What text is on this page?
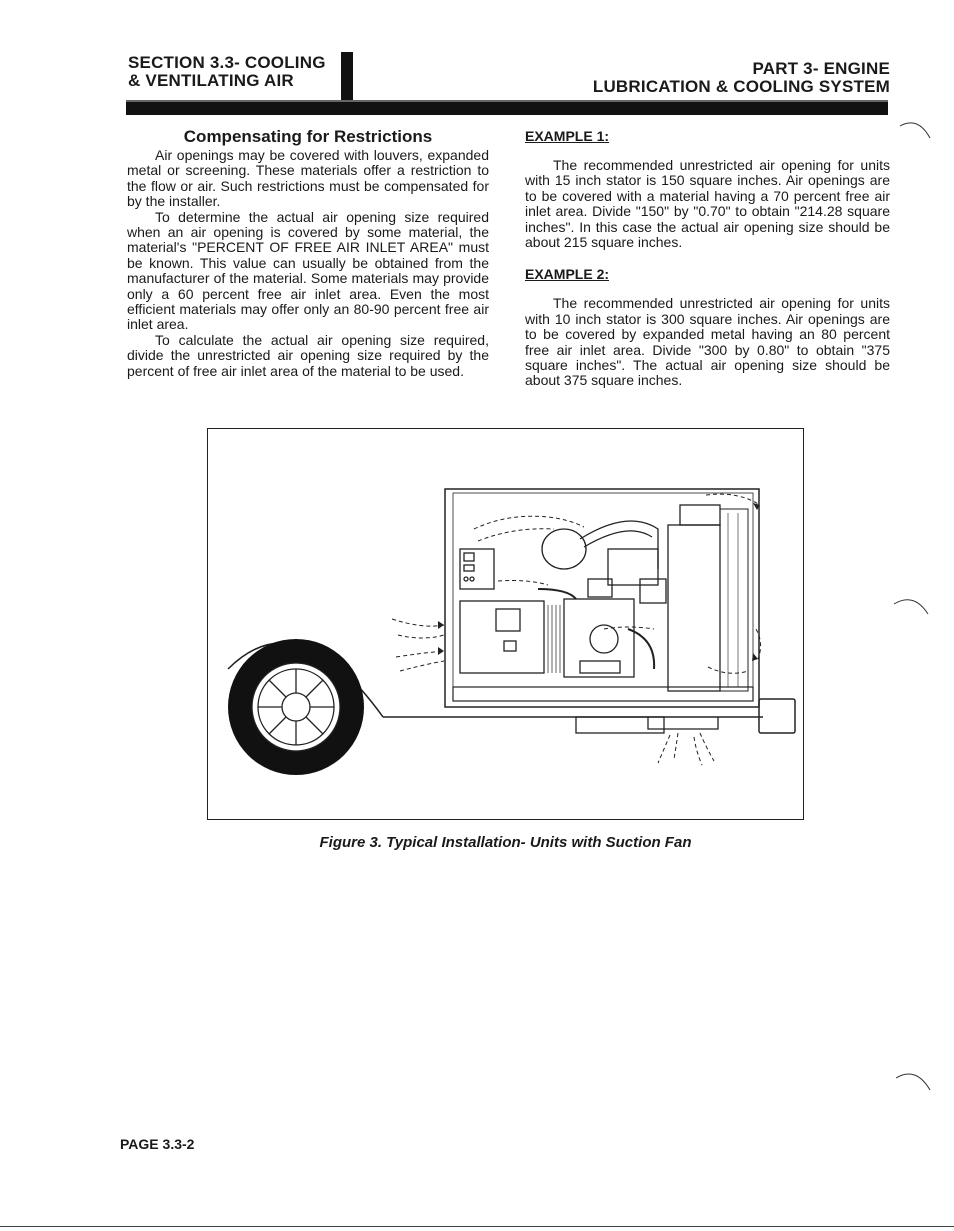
SECTION 3.3- COOLING
& VENTILATING AIR
PART 3- ENGINE
LUBRICATION & COOLING SYSTEM
Compensating for Restrictions

Air openings may be covered with louvers, expanded metal or screening. These materials offer a restriction to the flow or air. Such restrictions must be compensated for by the installer.

To determine the actual air opening size required when an air opening is covered by some material, the material's "PERCENT OF FREE AIR INLET AREA" must be known. This value can usually be obtained from the manufacturer of the material. Some materials may provide only a 60 percent free air inlet area. Even the most efficient materials may offer only an 80-90 percent free air inlet area.

To calculate the actual air opening size required, divide the unrestricted air opening size required by the percent of free air inlet area of the material to be used.

EXAMPLE 1:

The recommended unrestricted air opening for units with 15 inch stator is 150 square inches. Air openings are to be covered with a material having a 70 percent free air inlet area. Divide "150" by "0.70" to obtain "214.28 square inches". In this case the actual air opening size should be about 215 square inches.

EXAMPLE 2:

The recommended unrestricted air opening for units with 10 inch stator is 300 square inches. Air openings are to be covered by expanded metal having an 80 percent free air inlet area. Divide "300 by 0.80" to obtain "375 square inches". The actual air opening size should be about 375 square inches.

Figure 3. Typical Installation- Units with Suction Fan
PAGE 3.3-2
